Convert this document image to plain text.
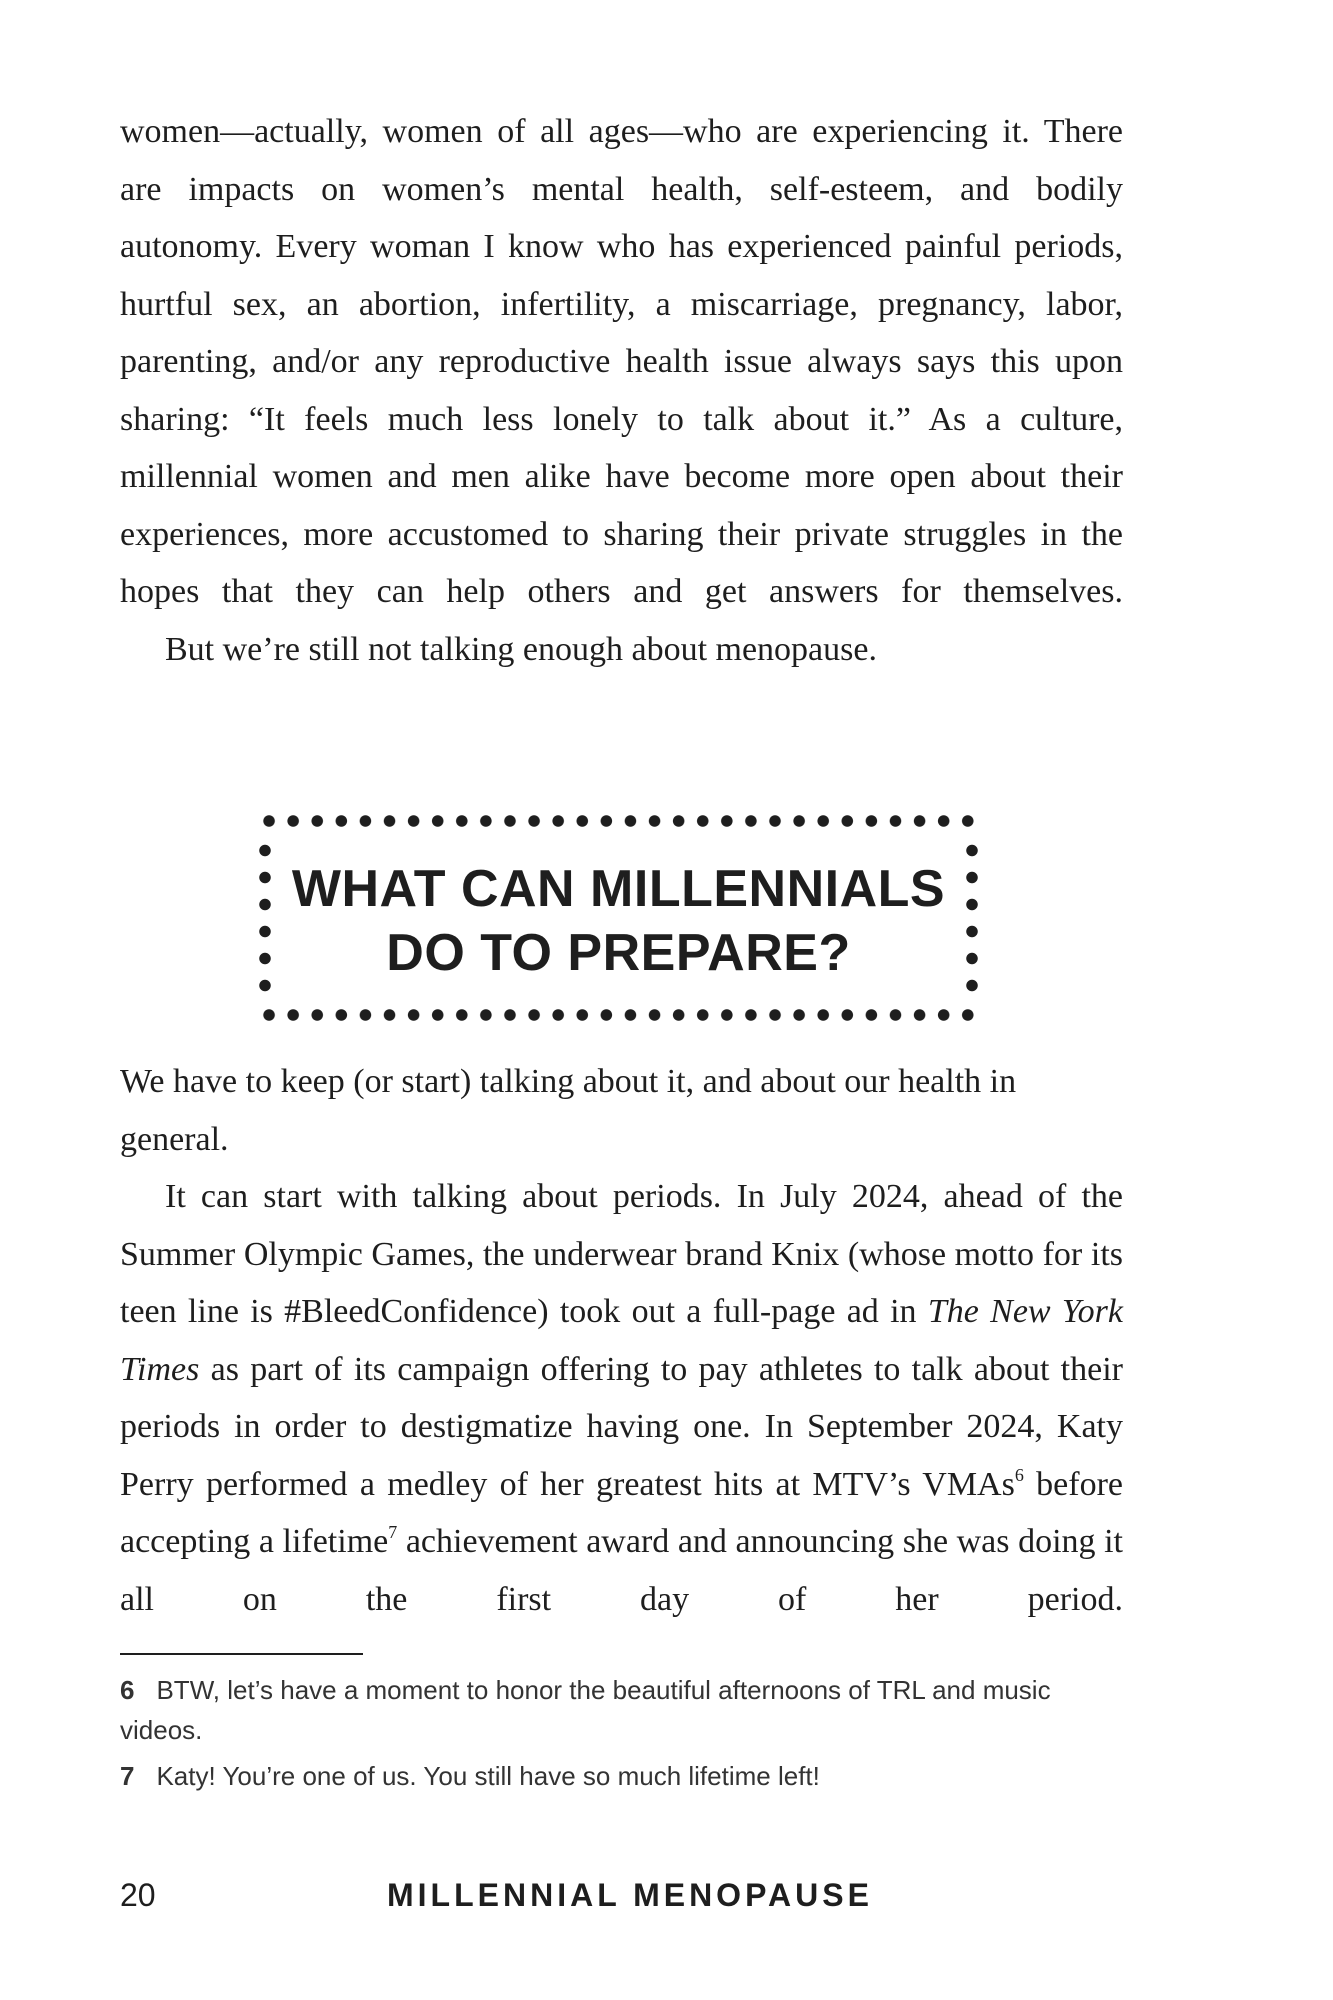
women—actually, women of all ages—who are experiencing it. There are impacts on women’s mental health, self-esteem, and bodily autonomy. Every woman I know who has experienced painful periods, hurtful sex, an abortion, infertility, a miscarriage, pregnancy, labor, parenting, and/or any reproductive health issue always says this upon sharing: “It feels much less lonely to talk about it.” As a culture, millennial women and men alike have become more open about their experiences, more accustomed to sharing their private struggles in the hopes that they can help others and get answers for themselves.

But we’re still not talking enough about menopause.

WHAT CAN MILLENNIALS
DO TO PREPARE?

We have to keep (or start) talking about it, and about our health in general.

It can start with talking about periods. In July 2024, ahead of the Summer Olympic Games, the underwear brand Knix (whose motto for its teen line is #BleedConfidence) took out a full-page ad in The New York Times as part of its campaign offering to pay athletes to talk about their periods in order to destigmatize having one. In September 2024, Katy Perry performed a medley of her greatest hits at MTV’s VMAs$^6$ before accepting a lifetime$^7$ achievement award and announcing she was doing it all on the first day of her period.

6 BTW, let’s have a moment to honor the beautiful afternoons of TRL and music videos.

7 Katy! You’re one of us. You still have so much lifetime left!

20	MILLENNIAL MENOPAUSE
